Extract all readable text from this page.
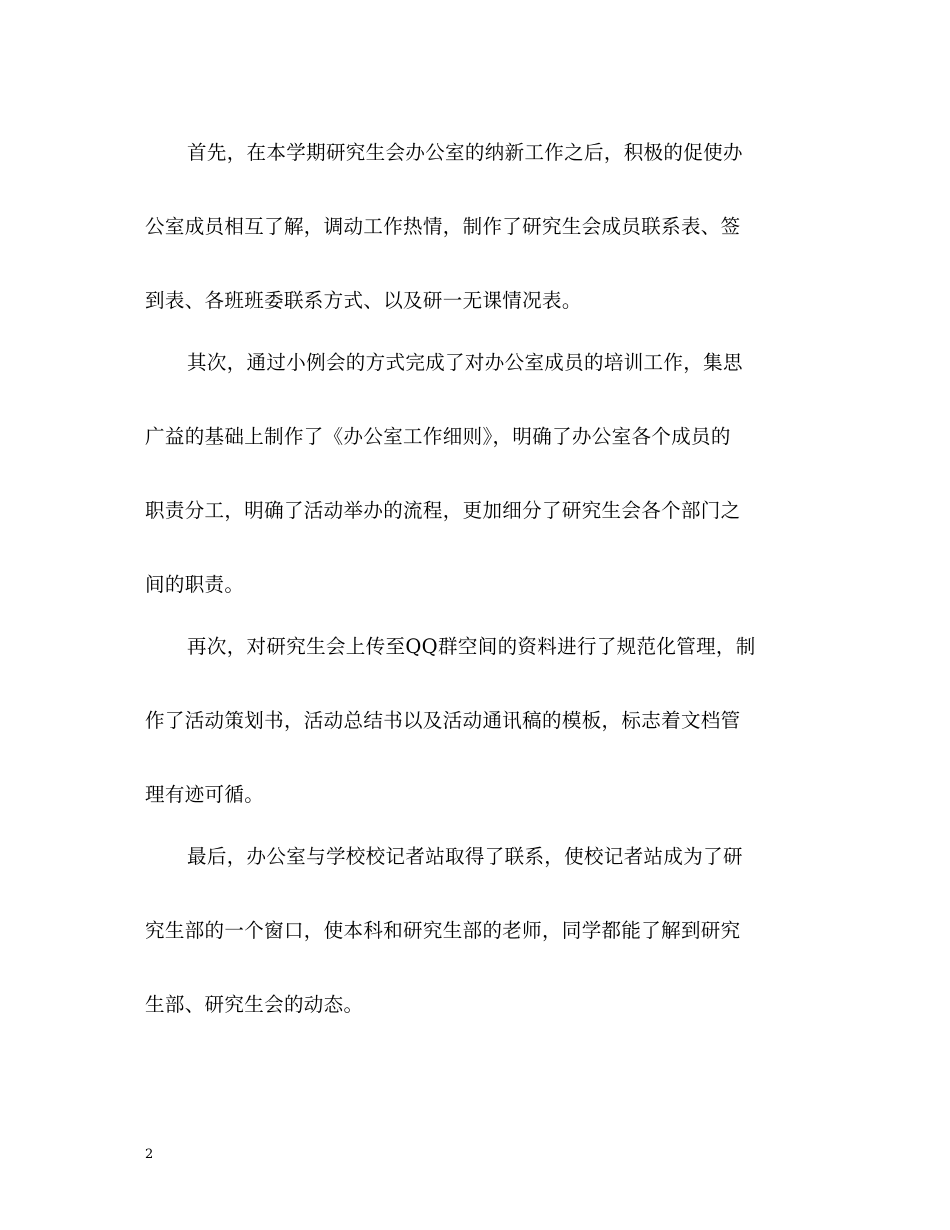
首先，在本学期研究生会办公室的纳新工作之后，积极的促使办
公室成员相互了解，调动工作热情，制作了研究生会成员联系表、签
到表、各班班委联系方式、以及研一无课情况表。
其次，通过小例会的方式完成了对办公室成员的培训工作，集思
广益的基础上制作了《办公室工作细则》，明确了办公室各个成员的
职责分工，明确了活动举办的流程，更加细分了研究生会各个部门之
间的职责。
再次，对研究生会上传至QQ群空间的资料进行了规范化管理，制
作了活动策划书，活动总结书以及活动通讯稿的模板，标志着文档管
理有迹可循。
最后，办公室与学校校记者站取得了联系，使校记者站成为了研
究生部的一个窗口，使本科和研究生部的老师，同学都能了解到研究
生部、研究生会的动态。
2
